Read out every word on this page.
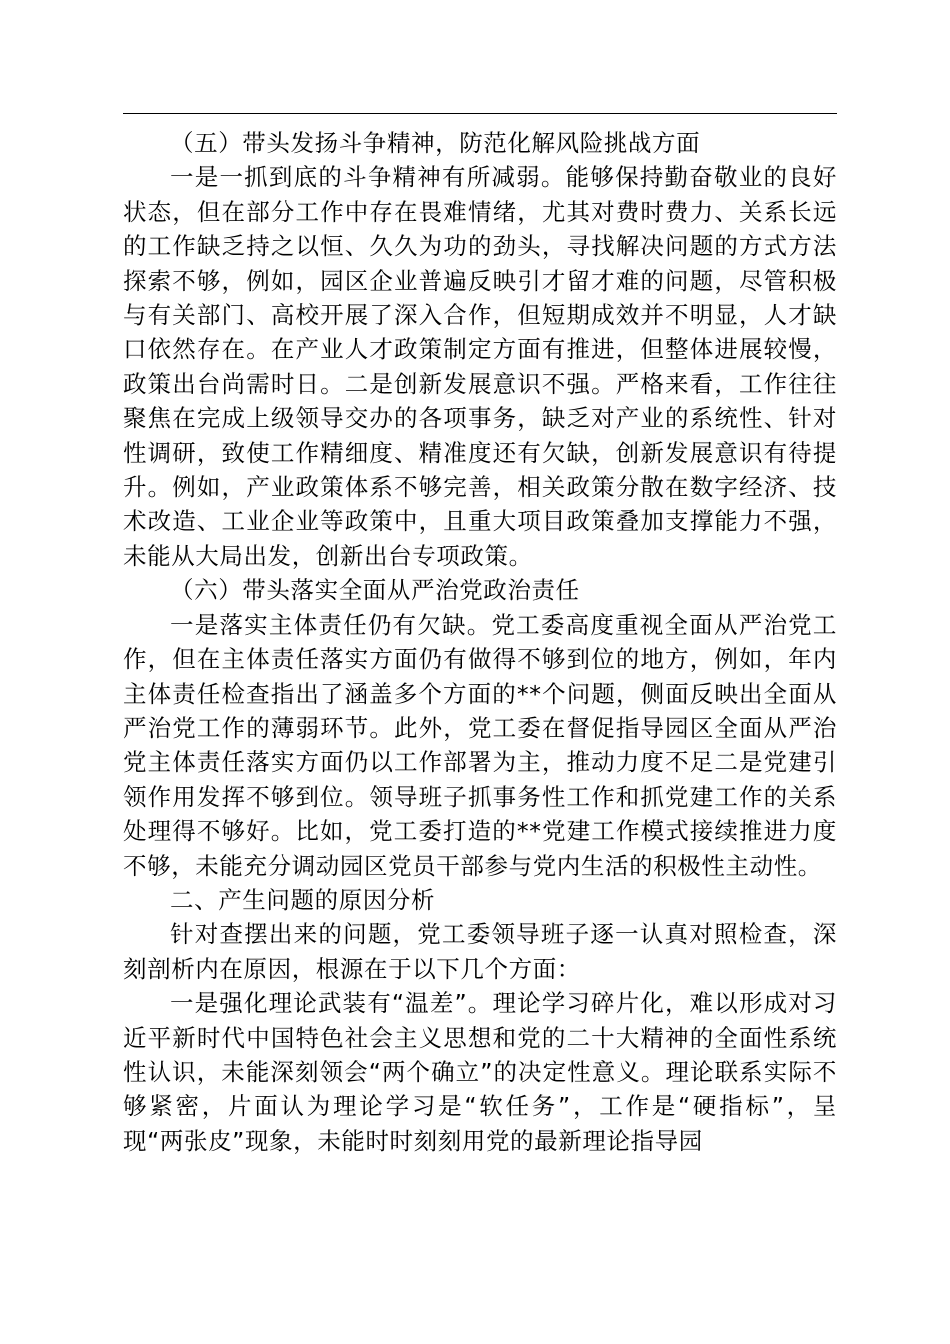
（五）带头发扬斗争精神，防范化解风险挑战方面

一是一抓到底的斗争精神有所减弱。能够保持勤奋敬业的良好状态，但在部分工作中存在畏难情绪，尤其对费时费力、关系长远的工作缺乏持之以恒、久久为功的劲头，寻找解决问题的方式方法探索不够，例如，园区企业普遍反映引才留才难的问题，尽管积极与有关部门、高校开展了深入合作，但短期成效并不明显，人才缺口依然存在。在产业人才政策制定方面有推进，但整体进展较慢，政策出台尚需时日。二是创新发展意识不强。严格来看，工作往往聚焦在完成上级领导交办的各项事务，缺乏对产业的系统性、针对性调研，致使工作精细度、精准度还有欠缺，创新发展意识有待提升。例如，产业政策体系不够完善，相关政策分散在数字经济、技术改造、工业企业等政策中，且重大项目政策叠加支撑能力不强，未能从大局出发，创新出台专项政策。

（六）带头落实全面从严治党政治责任

一是落实主体责任仍有欠缺。党工委高度重视全面从严治党工作，但在主体责任落实方面仍有做得不够到位的地方，例如，年内主体责任检查指出了涵盖多个方面的**个问题，侧面反映出全面从严治党工作的薄弱环节。此外，党工委在督促指导园区全面从严治党主体责任落实方面仍以工作部署为主，推动力度不足二是党建引领作用发挥不够到位。领导班子抓事务性工作和抓党建工作的关系处理得不够好。比如，党工委打造的**党建工作模式接续推进力度不够，未能充分调动园区党员干部参与党内生活的积极性主动性。

二、产生问题的原因分析

针对查摆出来的问题，党工委领导班子逐一认真对照检查，深刻剖析内在原因，根源在于以下几个方面：

一是强化理论武装有“温差”。理论学习碎片化，难以形成对习近平新时代中国特色社会主义思想和党的二十大精神的全面性系统性认识，未能深刻领会“两个确立”的决定性意义。理论联系实际不够紧密，片面认为理论学习是“软任务”，工作是“硬指标”，呈现“两张皮”现象，未能时时刻刻用党的最新理论指导园
